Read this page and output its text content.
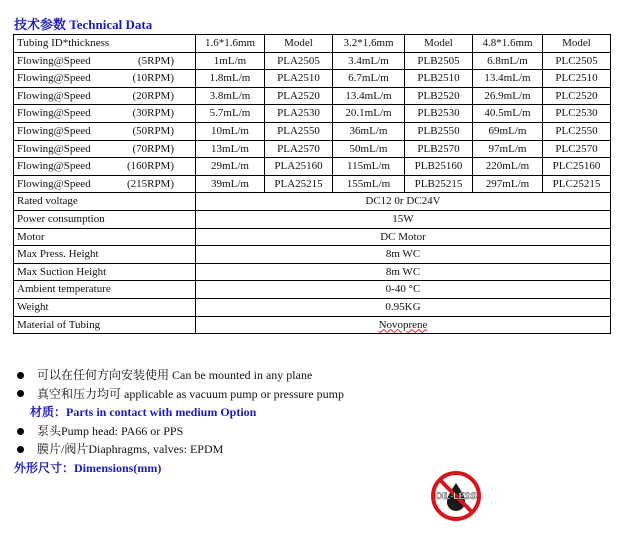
技术参数 Technical Data
Tubing ID*thickness	1.6*1.6mm	Model	3.2*1.6mm	Model	4.8*1.6mm	Model

Flowing@Speed (5RPM)	1mL/m	PLA2505	3.4mL/m	PLB2505	6.8mL/m	PLC2505

Flowing@Speed (10RPM)	1.8mL/m	PLA2510	6.7mL/m	PLB2510	13.4mL/m	PLC2510

Flowing@Speed (20RPM)	3.8mL/m	PLA2520	13.4mL/m	PLB2520	26.9mL/m	PLC2520

Flowing@Speed (30RPM)	5.7mL/m	PLA2530	20.1mL/m	PLB2530	40.5mL/m	PLC2530

Flowing@Speed (50RPM)	10mL/m	PLA2550	36mL/m	PLB2550	69mL/m	PLC2550

Flowing@Speed (70RPM)	13mL/m	PLA2570	50mL/m	PLB2570	97mL/m	PLC2570

Flowing@Speed (160RPM)	29mL/m	PLA25160	115mL/m	PLB25160	220mL/m	PLC25160

Flowing@Speed (215RPM)	39mL/m	PLA25215	155mL/m	PLB25215	297mL/m	PLC25215
Rated voltage	DC12 0r DC24V					
Power consumption	15W					
Motor	DC Motor					
Max Press. Height	8m WC					
Max Suction Height	8m WC					
Ambient temperature	0-40 °C					
Weight	0.95KG					
Material of Tubing	Novoprene					
可以在任何方向安装使用 Can be mounted in any plane
真空和压力均可 applicable as vacuum pump or pressure pump
材质：Parts in contact with medium Option
泵头Pump head: PA66 or PPS
膜片/阀片Diaphragms, valves: EPDM
外形尺寸：Dimensions(mm)
OIL-LESS
